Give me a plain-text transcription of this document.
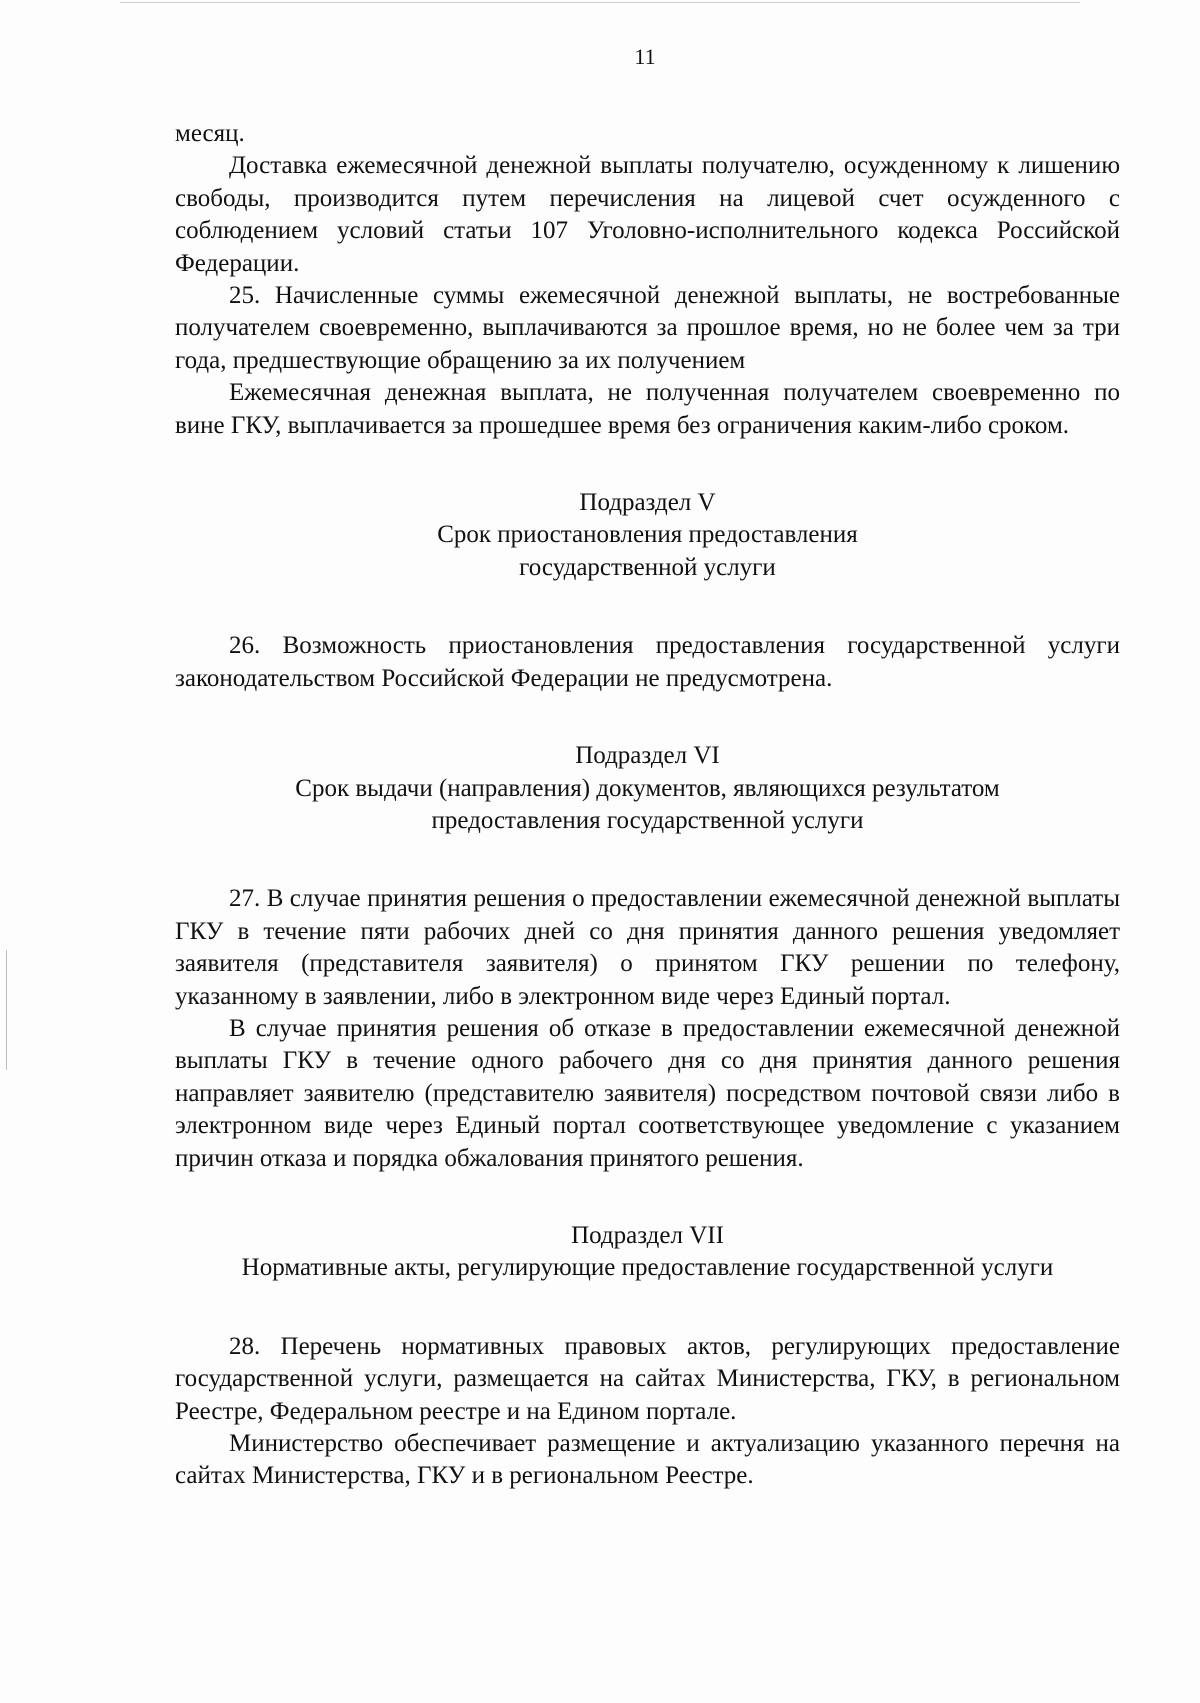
11

месяц.

Доставка ежемесячной денежной выплаты получателю, осужденному к лишению свободы, производится путем перечисления на лицевой счет осужденного с соблюдением условий статьи 107 Уголовно-исполнительного кодекса Российской Федерации.

25. Начисленные суммы ежемесячной денежной выплаты, не востребованные получателем своевременно, выплачиваются за прошлое время, но не более чем за три года, предшествующие обращению за их получением

Ежемесячная денежная выплата, не полученная получателем своевременно по вине ГКУ, выплачивается за прошедшее время без ограничения каким-либо сроком.

Подраздел V
Срок приостановления предоставления
государственной услуги

26. Возможность приостановления предоставления государственной услуги законодательством Российской Федерации не предусмотрена.

Подраздел VI
Срок выдачи (направления) документов, являющихся результатом
предоставления государственной услуги

27. В случае принятия решения о предоставлении ежемесячной денежной выплаты ГКУ в течение пяти рабочих дней со дня принятия данного решения уведомляет заявителя (представителя заявителя) о принятом ГКУ решении по телефону, указанному в заявлении, либо в электронном виде через Единый портал.

В случае принятия решения об отказе в предоставлении ежемесячной денежной выплаты ГКУ в течение одного рабочего дня со дня принятия данного решения направляет заявителю (представителю заявителя) посредством почтовой связи либо в электронном виде через Единый портал соответствующее уведомление с указанием причин отказа и порядка обжалования принятого решения.

Подраздел VII
Нормативные акты, регулирующие предоставление государственной услуги

28. Перечень нормативных правовых актов, регулирующих предоставление государственной услуги, размещается на сайтах Министерства, ГКУ, в региональном Реестре, Федеральном реестре и на Едином портале.

Министерство обеспечивает размещение и актуализацию указанного перечня на сайтах Министерства, ГКУ и в региональном Реестре.
